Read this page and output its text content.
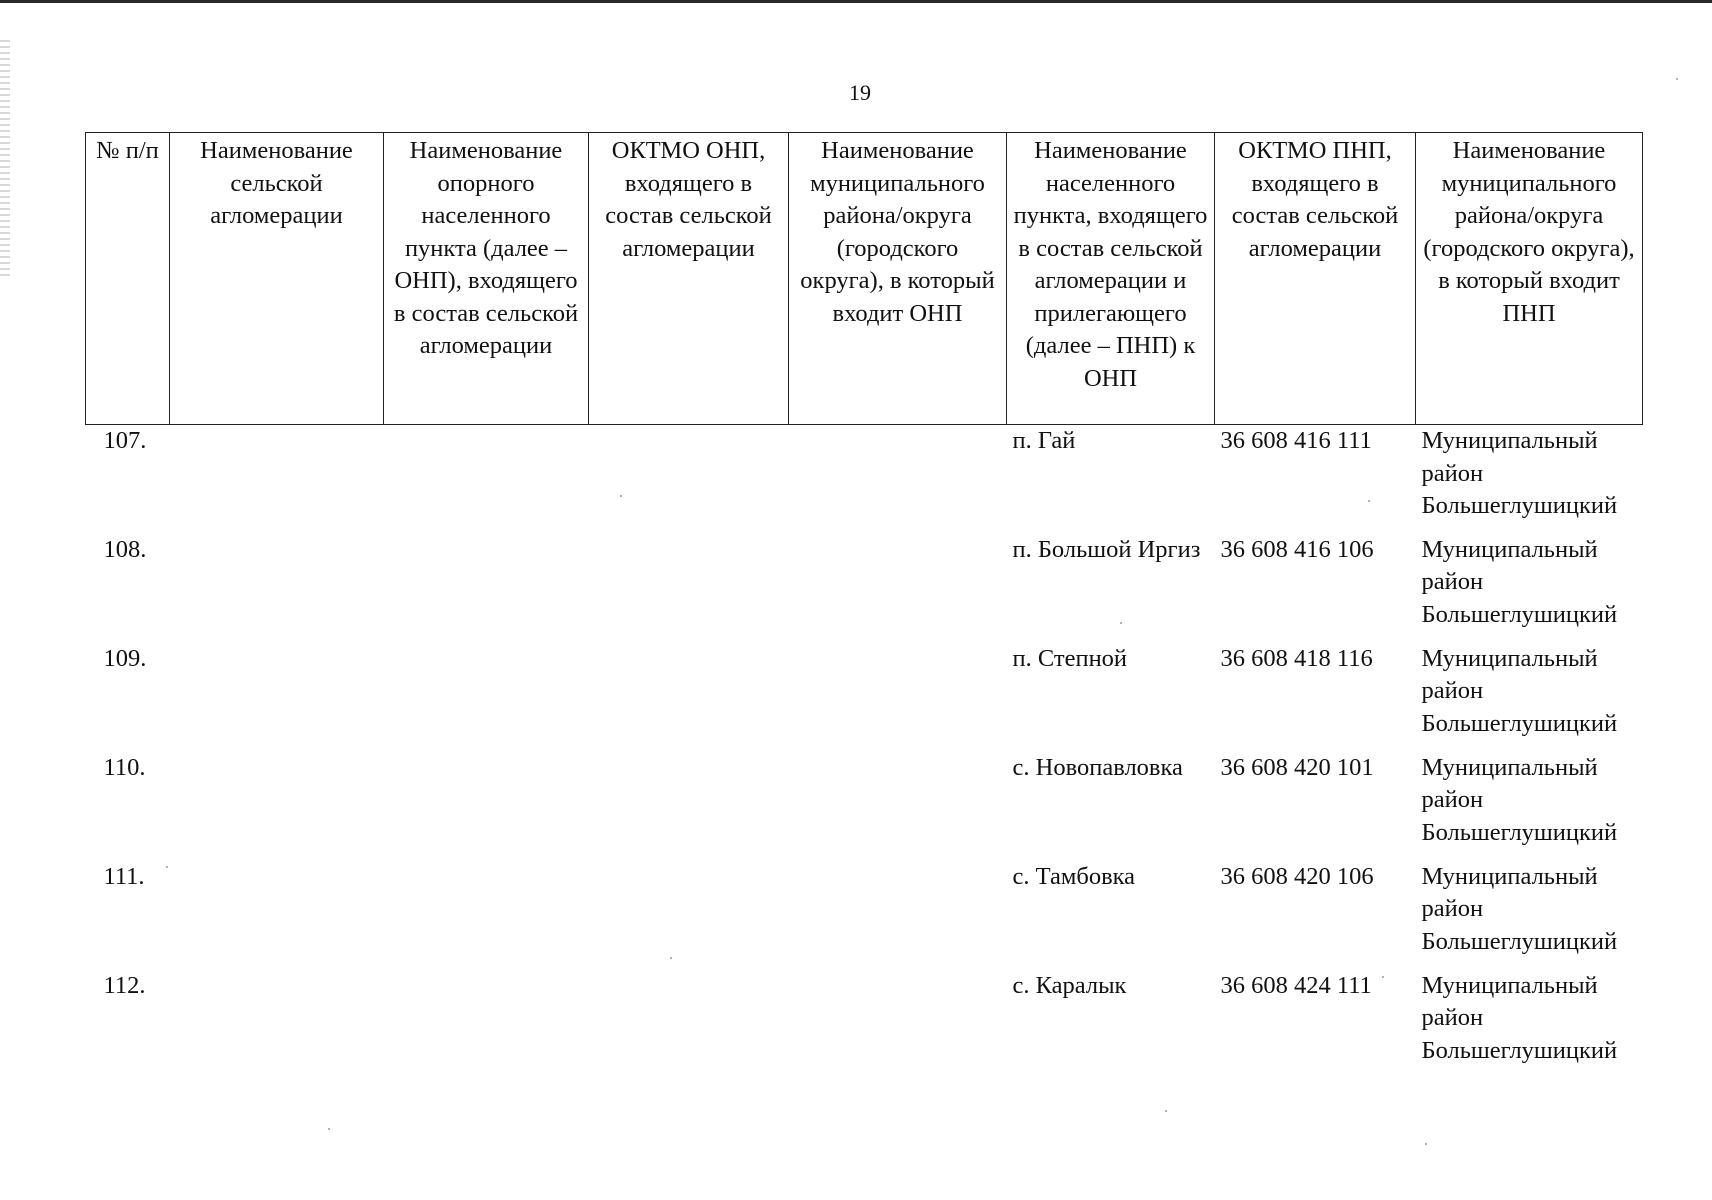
19
№ п/п	Наименование сельской агломерации	Наименование опорного населенного пункта (далее – ОНП), входящего в состав сельской агломерации	ОКТМО ОНП, входящего в состав сельской агломерации	Наименование муниципального района/округа (городского округа), в который входит ОНП	Наименование населенного пункта, входящего в состав сельской агломерации и прилегающего (далее – ПНП) к ОНП	ОКТМО ПНП, входящего в состав сельской агломерации	Наименование муниципального района/округа (городского округа), в который входит ПНП
107.					п. Гай	36 608 416 111	Муниципальный район Большеглушицкий
108.					п. Большой Иргиз	36 608 416 106	Муниципальный район Большеглушицкий
109.					п. Степной	36 608 418 116	Муниципальный район Большеглушицкий
110.					с. Новопавловка	36 608 420 101	Муниципальный район Большеглушицкий
111.					с. Тамбовка	36 608 420 106	Муниципальный район Большеглушицкий
112.					с. Каралык	36 608 424 111	Муниципальный район Большеглушицкий
